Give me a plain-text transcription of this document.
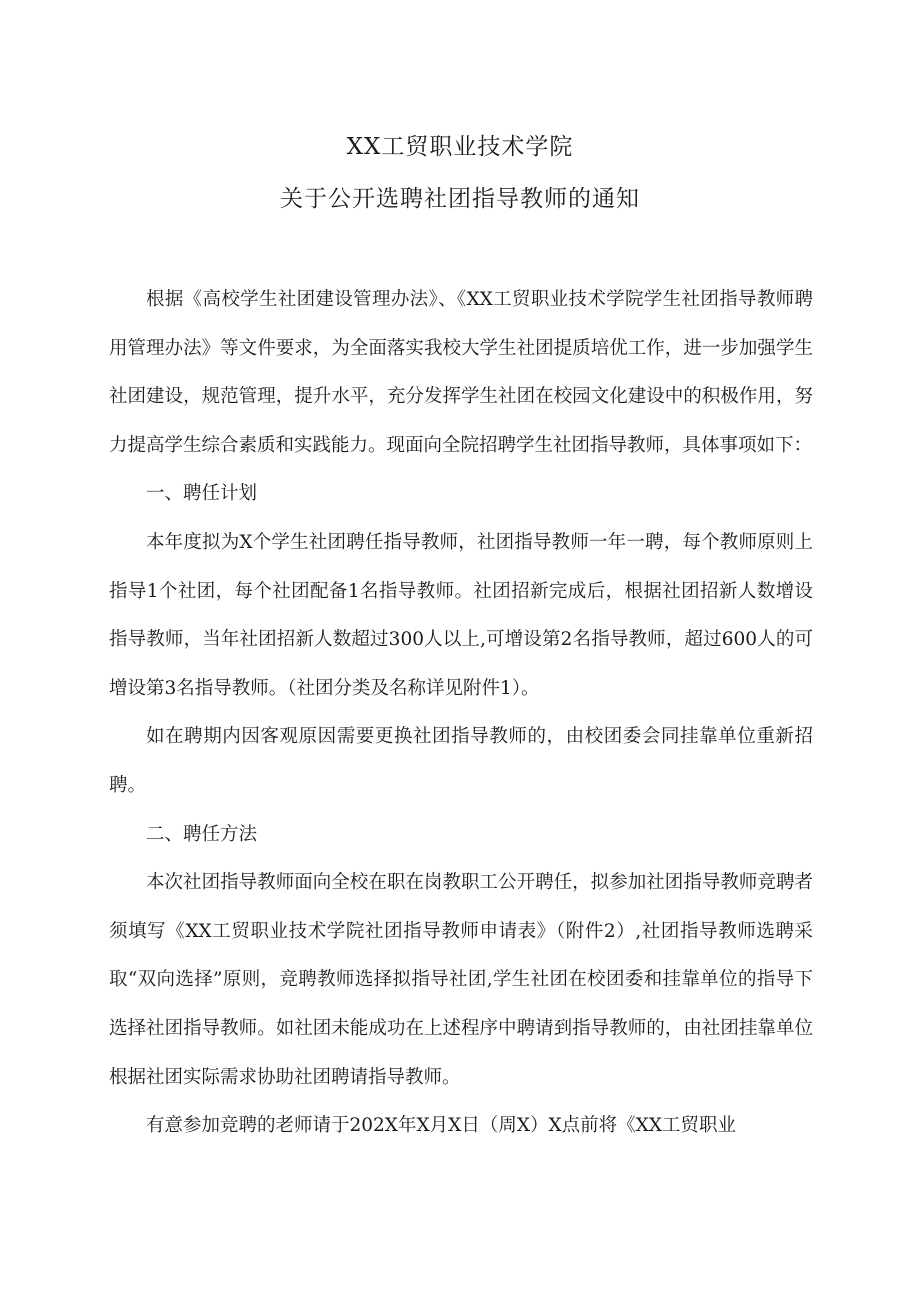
XX工贸职业技术学院
关于公开选聘社团指导教师的通知

根据《高校学生社团建设管理办法》、《XX工贸职业技术学院学生社团指导教师聘用管理办法》等文件要求，为全面落实我校大学生社团提质培优工作，进一步加强学生社团建设，规范管理，提升水平，充分发挥学生社团在校园文化建设中的积极作用，努力提高学生综合素质和实践能力。现面向全院招聘学生社团指导教师，具体事项如下：

一、聘任计划

本年度拟为X个学生社团聘任指导教师，社团指导教师一年一聘，每个教师原则上指导1个社团，每个社团配备1名指导教师。社团招新完成后，根据社团招新人数增设指导教师，当年社团招新人数超过300人以上,可增设第2名指导教师，超过600人的可增设第3名指导教师。（社团分类及名称详见附件1）。

如在聘期内因客观原因需要更换社团指导教师的，由校团委会同挂靠单位重新招聘。

二、聘任方法

本次社团指导教师面向全校在职在岗教职工公开聘任，拟参加社团指导教师竞聘者须填写《XX工贸职业技术学院社团指导教师申请表》（附件2）,社团指导教师选聘采取“双向选择”原则，竞聘教师选择拟指导社团,学生社团在校团委和挂靠单位的指导下选择社团指导教师。如社团未能成功在上述程序中聘请到指导教师的，由社团挂靠单位根据社团实际需求协助社团聘请指导教师。

有意参加竞聘的老师请于202X年X月X日（周X）X点前将《XX工贸职业
